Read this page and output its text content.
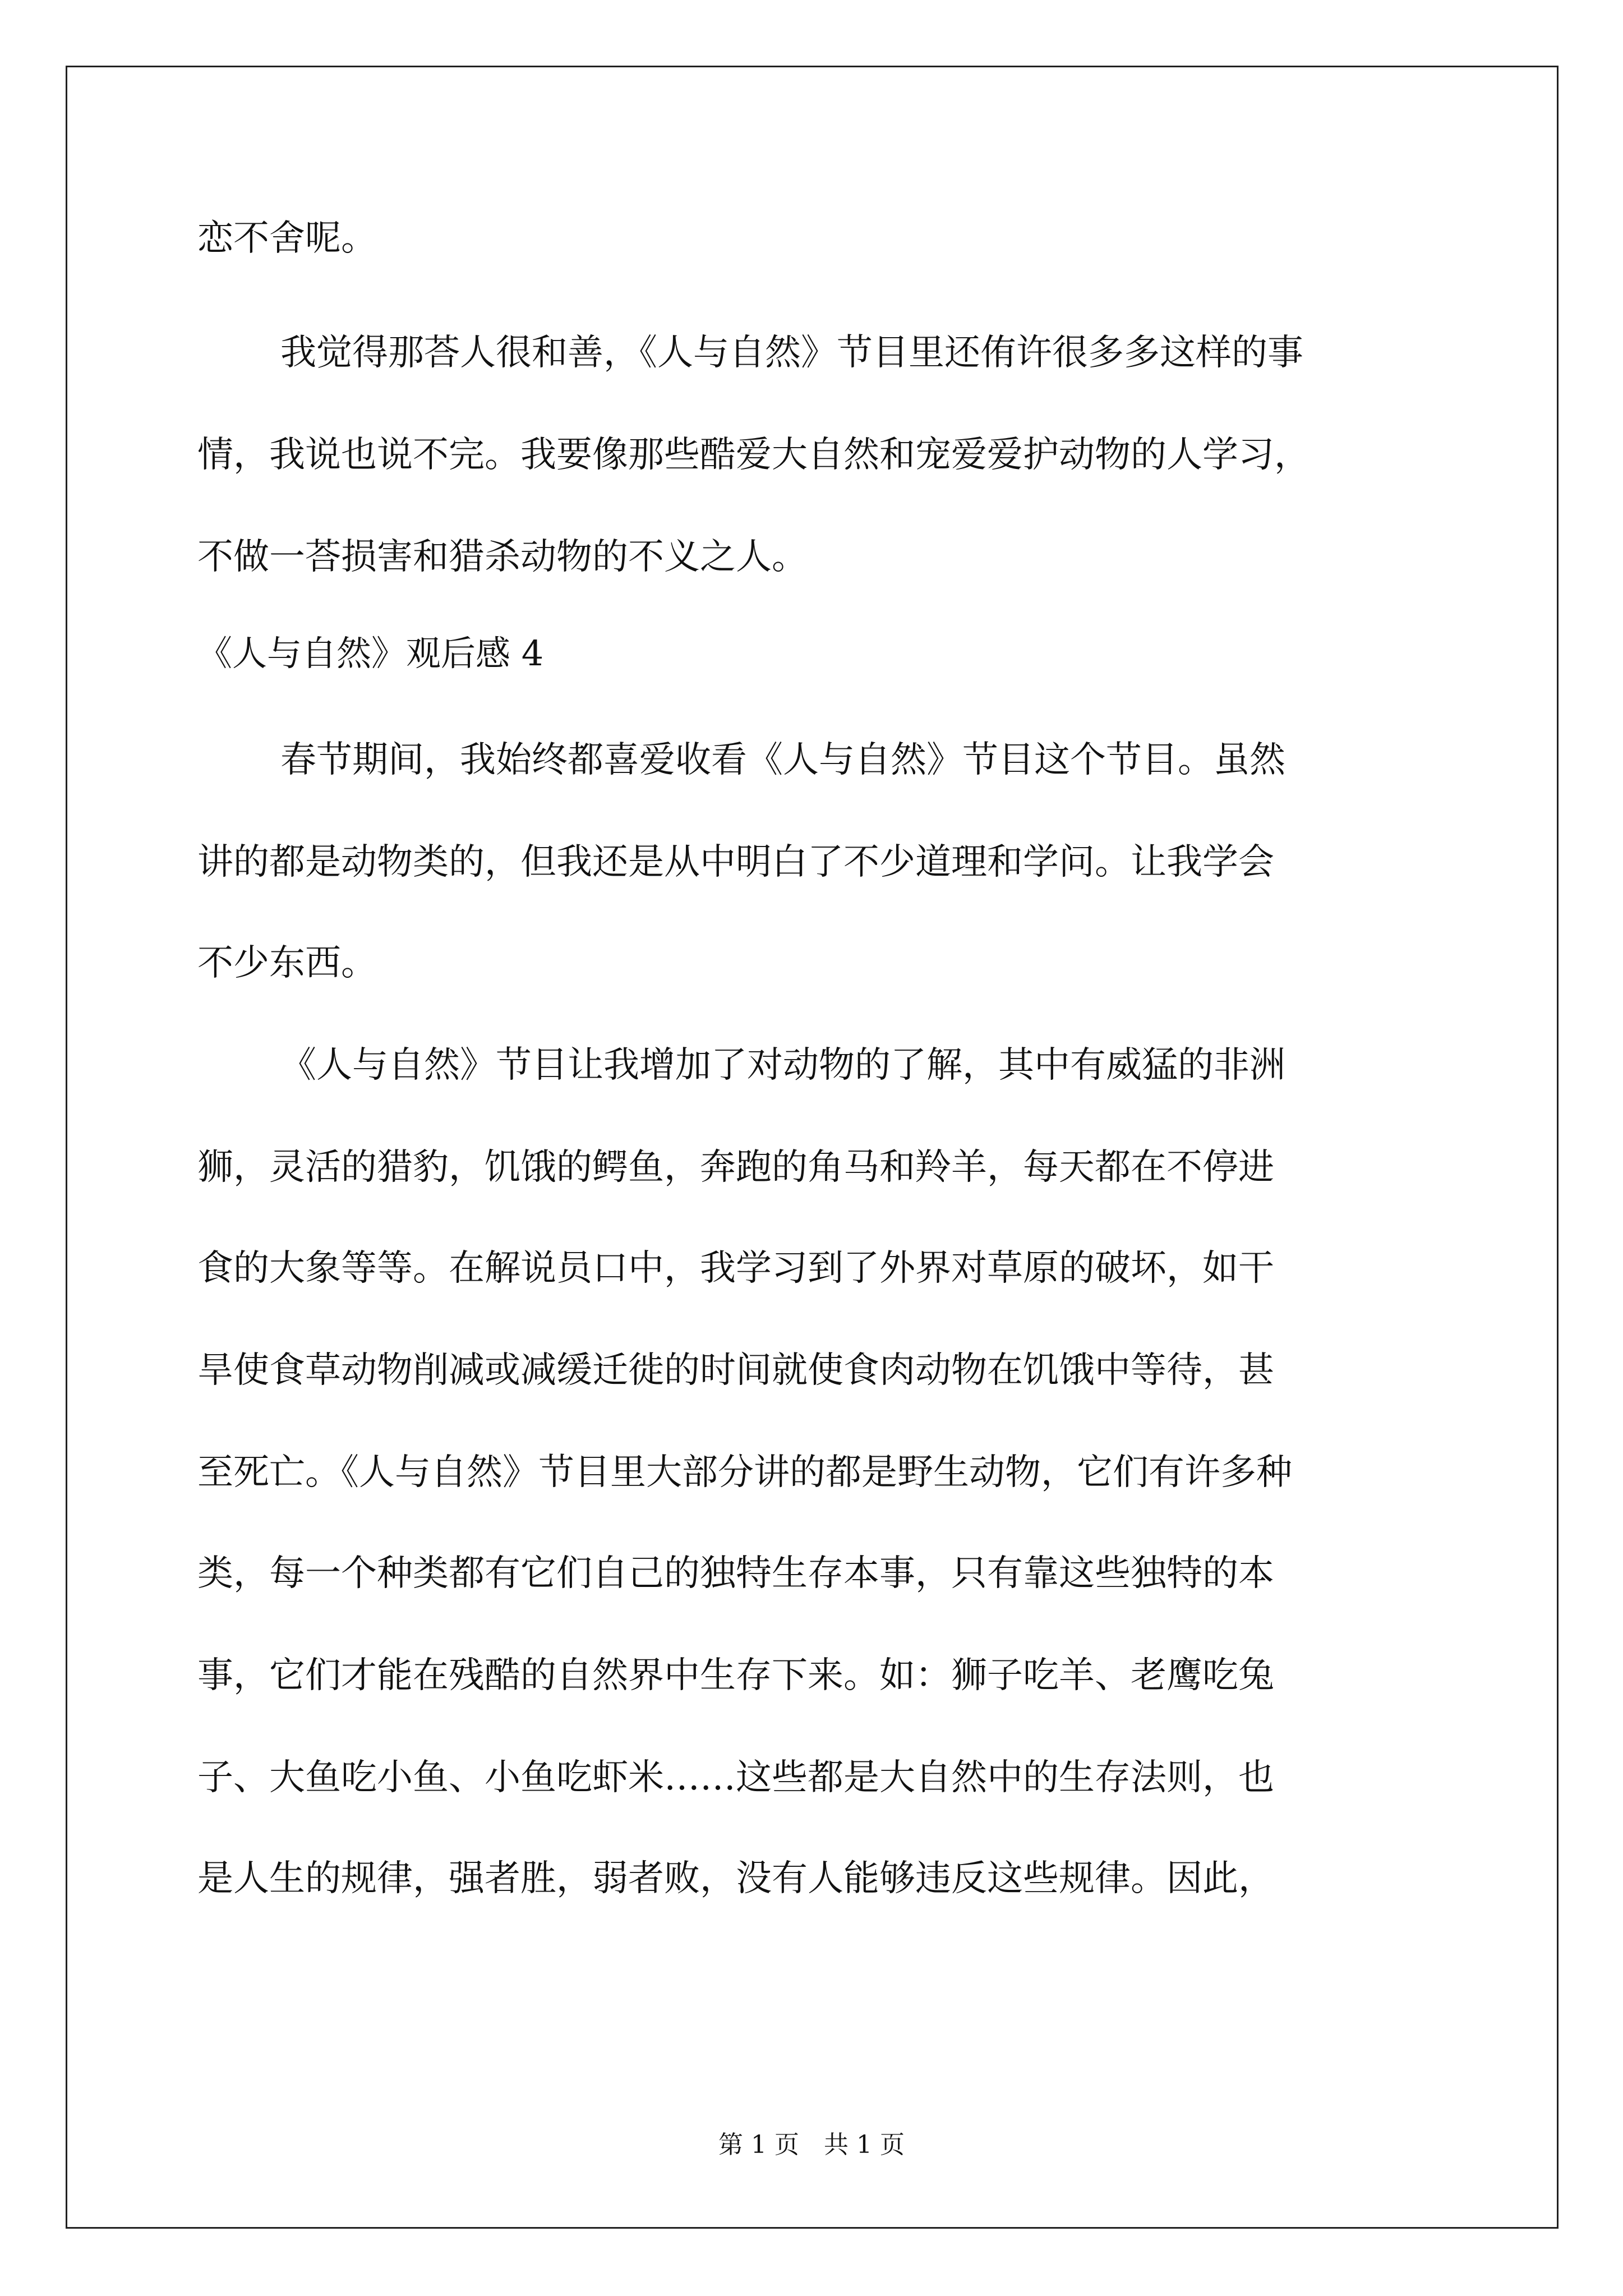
恋不舍呢。
我觉得那荅人很和善，《人与自然》节目里还侑许很多多这样的事
情，我说也说不完。我要像那些酷爱大自然和宠爱爱护动物的人学习，
不做一荅损害和猎杀动物的不义之人。
《人与自然》观后感 4
春节期间，我始终都喜爱收看《人与自然》节目这个节目。虽然
讲的都是动物类的，但我还是从中明白了不少道理和学问。让我学会
不少东西。
《人与自然》节目让我增加了对动物的了解，其中有威猛的非洲
狮，灵活的猎豹，饥饿的鳄鱼，奔跑的角马和羚羊，每天都在不停进
食的大象等等。在解说员口中，我学习到了外界对草原的破坏，如干
旱使食草动物削减或减缓迁徙的时间就使食肉动物在饥饿中等待，甚
至死亡。《人与自然》节目里大部分讲的都是野生动物，它们有许多种
类，每一个种类都有它们自己的独特生存本事，只有靠这些独特的本
事，它们才能在残酷的自然界中生存下来。如：狮子吃羊、老鹰吃兔
子、大鱼吃小鱼、小鱼吃虾米……这些都是大自然中的生存法则，也
是人生的规律，强者胜，弱者败，没有人能够违反这些规律。因此，
第 1 页　共 1 页
